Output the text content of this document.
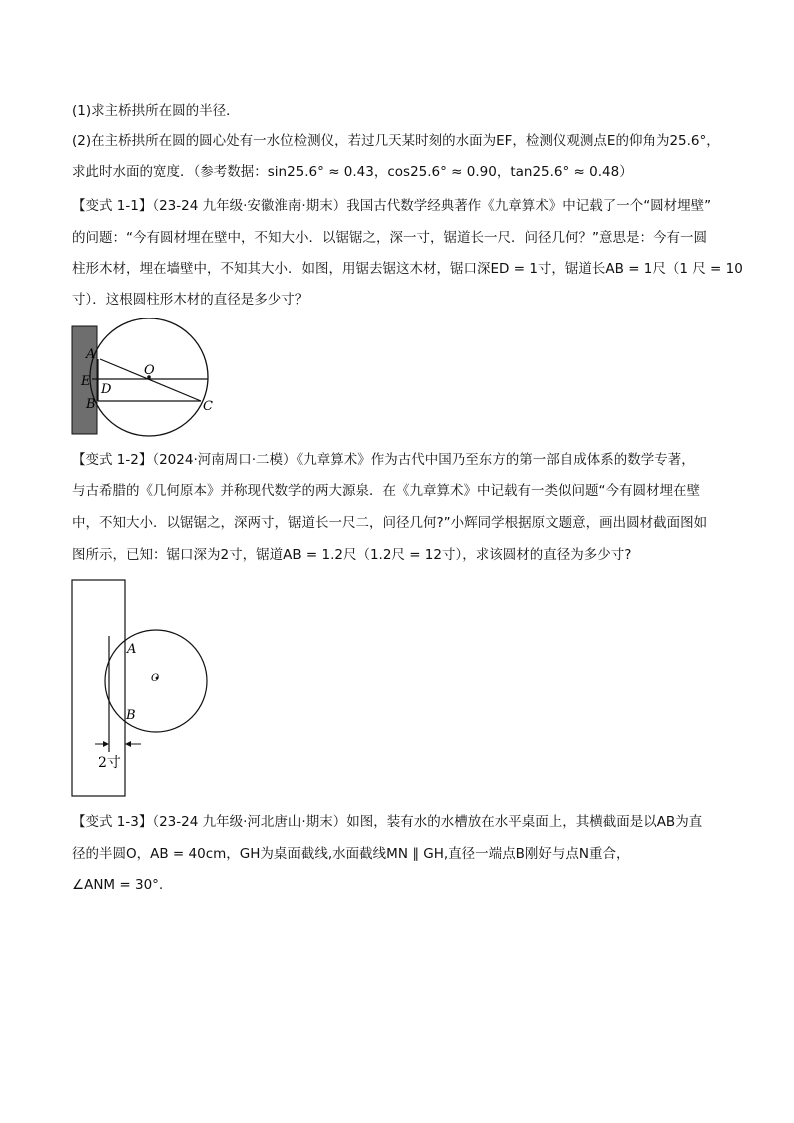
(1)求主桥拱所在圆的半径．
(2)在主桥拱所在圆的圆心处有一水位检测仪，若过几天某时刻的水面为EF，检测仪观测点E的仰角为25.6°，
求此时水面的宽度．（参考数据：sin25.6° ≈ 0.43，cos25.6° ≈ 0.90，tan25.6° ≈ 0.48）
【变式 1-1】（23-24 九年级·安徽淮南·期末）我国古代数学经典著作《九章算术》中记载了一个“圆材埋壁”
的问题：“今有圆材埋在壁中，不知大小．以锯锯之，深一寸，锯道长一尺．问径几何？”意思是：今有一圆
柱形木材，埋在墙壁中，不知其大小．如图，用锯去锯这木材，锯口深ED = 1寸，锯道长AB = 1尺（1 尺 = 10
寸）．这根圆柱形木材的直径是多少寸？
A
O
E
D
B	C
【变式 1-2】（2024·河南周口·二模）《九章算术》作为古代中国乃至东方的第一部自成体系的数学专著，
与古希腊的《几何原本》并称现代数学的两大源泉．在《九章算术》中记载有一类似问题“今有圆材埋在壁
中，不知大小．以锯锯之，深两寸，锯道长一尺二，问径几何?”小辉同学根据原文题意，画出圆材截面图如
图所示，已知：锯口深为2寸，锯道AB = 1.2尺（1.2尺 = 12寸），求该圆材的直径为多少寸?
A
O
B
2寸
【变式 1-3】（23-24 九年级·河北唐山·期末）如图，装有水的水槽放在水平桌面上，其横截面是以AB为直
径的半圆O，AB = 40cm，GH为桌面截线,水面截线MN ∥ GH,直径一端点B刚好与点N重合，
∠ANM = 30°.
